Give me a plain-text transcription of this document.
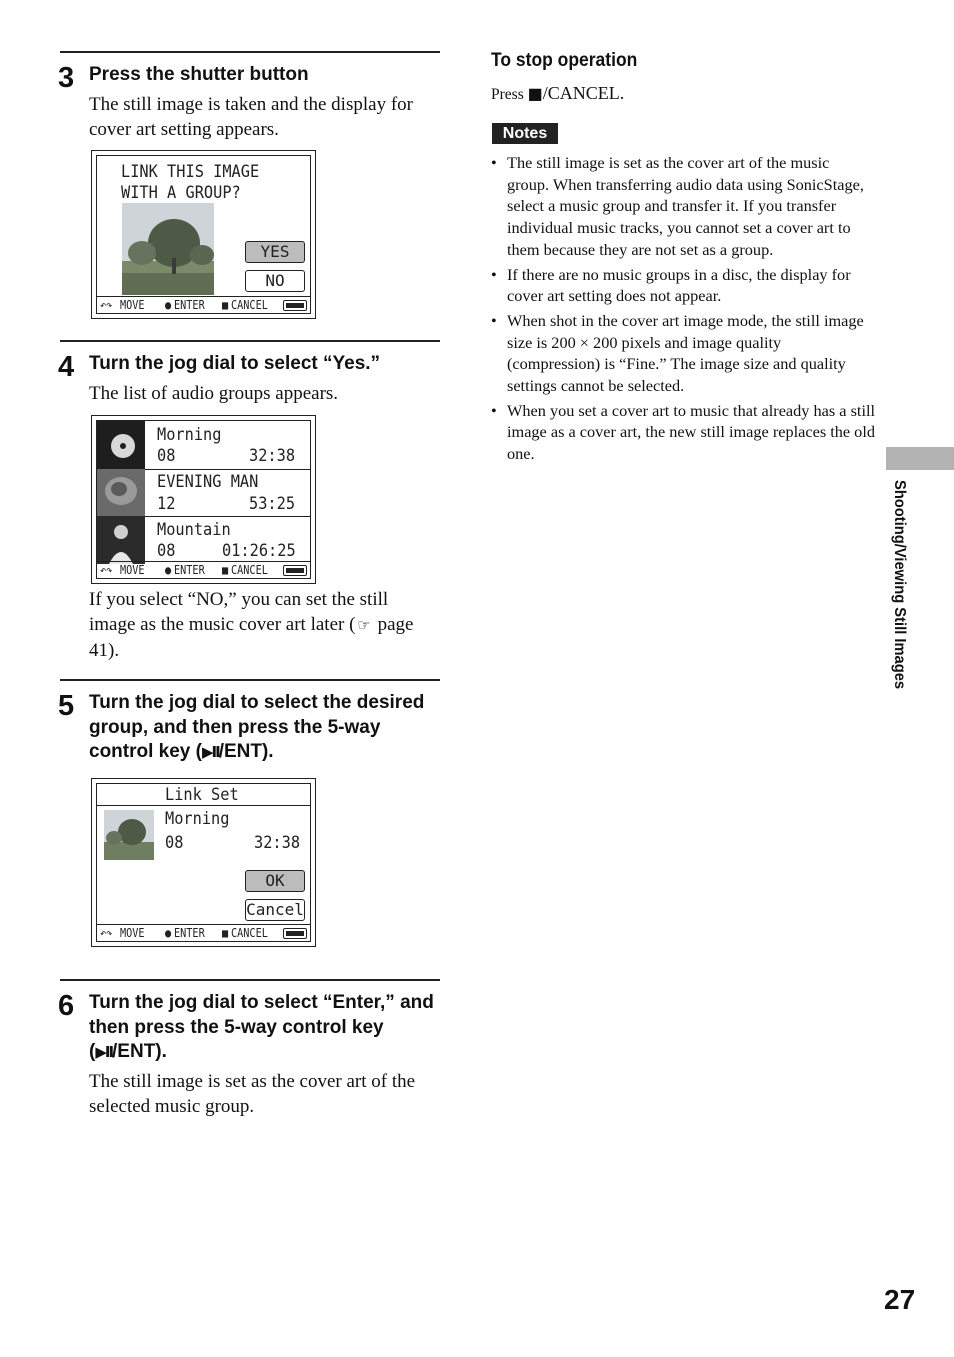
3 Press the shutter button
The still image is taken and the display for cover art setting appears.
LINK THIS IMAGE
WITH A GROUP?
YES
NO
↶↷ MOVE ● ENTER ■ CANCEL
4 Turn the jog dial to select “Yes.”
The list of audio groups appears.
Morning
08	32:38
EVENING MAN
12	53:25
Mountain
08	01:26:25
↶↷ MOVE ● ENTER ■ CANCEL
If you select “NO,” you can set the still image as the music cover art later ( ☞ page 41).
5 Turn the jog dial to select the desired group, and then press the 5-way control key (▶II/ENT).
Link Set
Morning
08	32:38
OK
Cancel
↶↷ MOVE ● ENTER ■ CANCEL
6 Turn the jog dial to select “Enter,” and then press the 5-way control key (▶II/ENT).
The still image is set as the cover art of the selected music group.
To stop operation
Press ■/CANCEL.
Notes
• The still image is set as the cover art of the music group. When transferring audio data using SonicStage, select a music group and transfer it. If you transfer individual music tracks, you cannot set a cover art to them because they are not set as a group.
• If there are no music groups in a disc, the display for cover art setting does not appear.
• When shot in the cover art image mode, the still image size is 200 × 200 pixels and image quality (compression) is “Fine.” The image size and quality settings cannot be selected.
• When you set a cover art to music that already has a still image as a cover art, the new still image replaces the old one.
Shooting/Viewing Still Images
27
